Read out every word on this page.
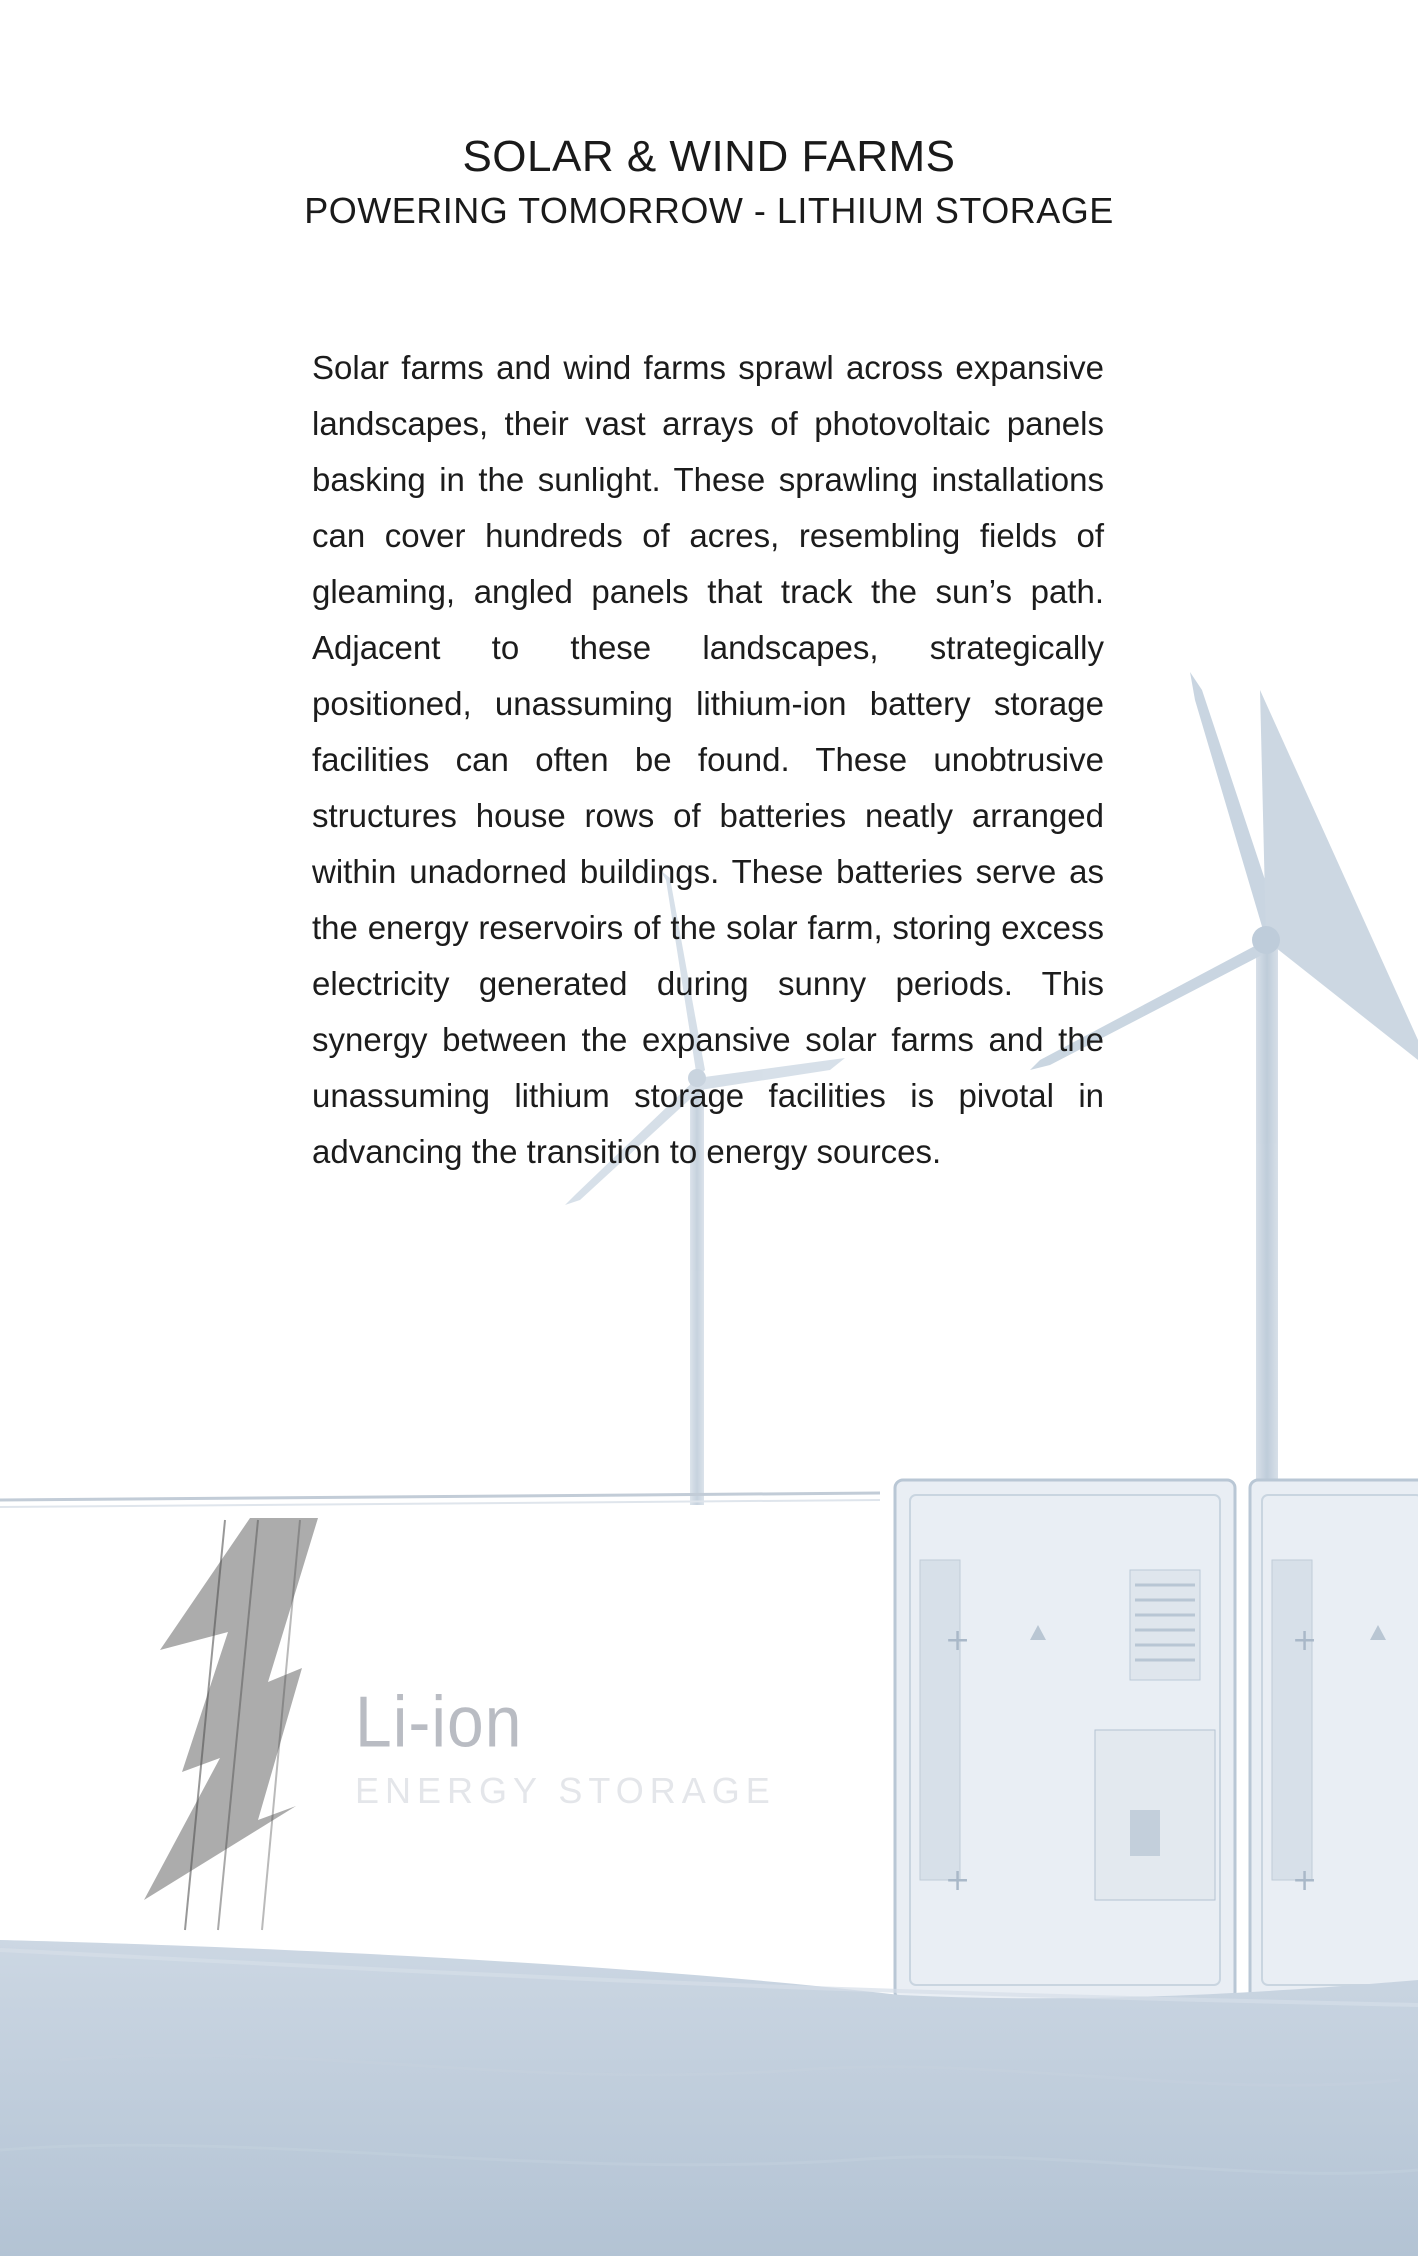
+
+
+
+
SOLAR & WIND FARMS
POWERING TOMORROW - LITHIUM STORAGE

Solar farms and wind farms sprawl across expansive landscapes, their vast arrays of photovoltaic panels basking in the sunlight. These sprawling installations can cover hundreds of acres, resembling fields of gleaming, angled panels that track the sun’s path. Adjacent to these landscapes, strategically positioned, unassuming lithium-ion battery storage facilities can often be found. These unobtrusive structures house rows of batteries neatly arranged within unadorned buildings. These batteries serve as the energy reservoirs of the solar farm, storing excess electricity generated during sunny periods. This synergy between the expansive solar farms and the unassuming lithium storage facilities is pivotal in advancing the transition to energy sources.

Li-ion
ENERGY STORAGE
